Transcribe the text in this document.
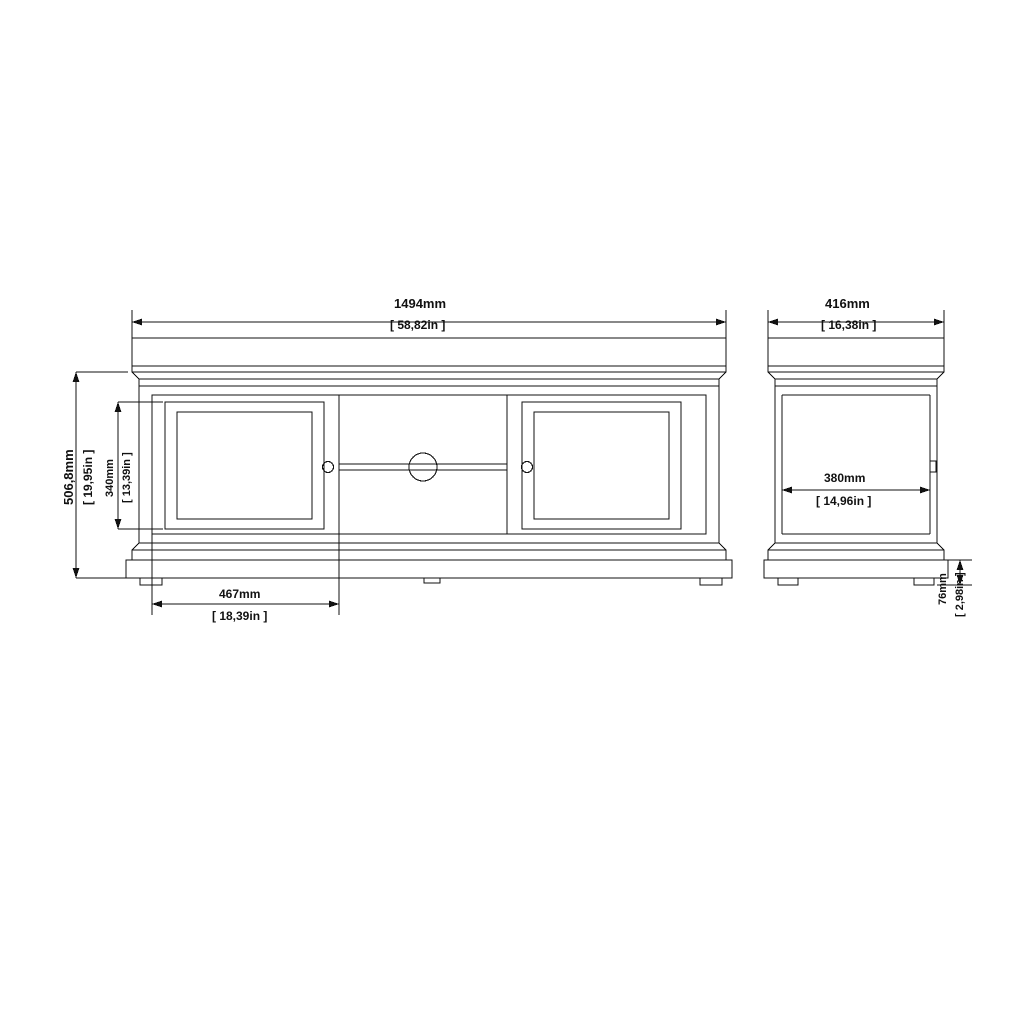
1494mm
[ 58,82in ]
506,8mm [ 19,95in ] 340mm [ 13,39in ]
467mm
[ 18,39in ]
416mm
[ 16,38in ]
380mm
[ 14,96in ]
76mm [ 2,98in ]
